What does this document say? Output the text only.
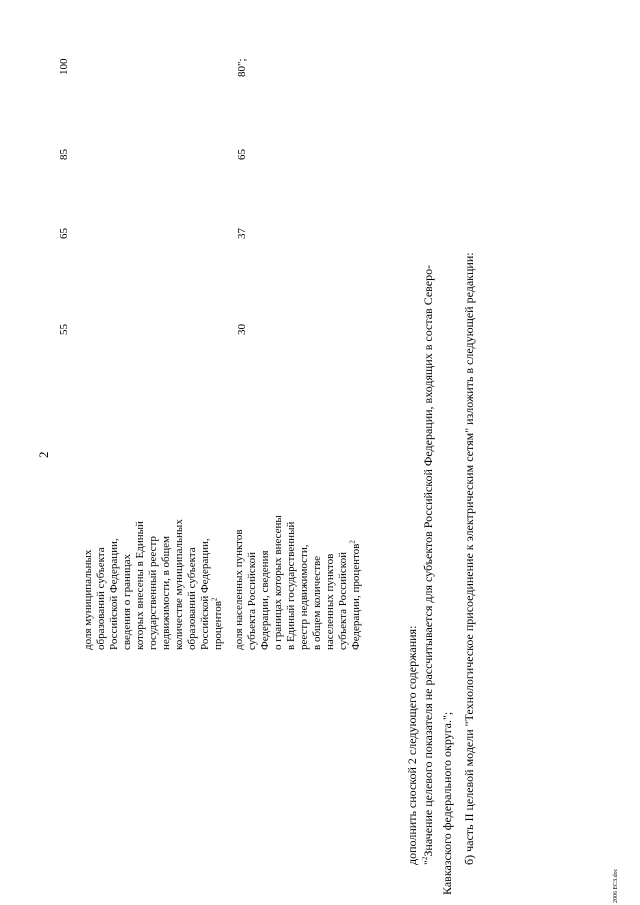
2
доля муниципальных образований субъекта Российской Федерации, сведения о границах которых внесены в Единый государственный реестр недвижимости, в общем количестве муниципальных образований субъекта Российской Федерации, процентов$^2$
55
65
85
100
доля населенных пунктов субъекта Российской Федерации, сведения о границах которых внесены в Единый государственный реестр недвижимости, в общем количестве населенных пунктов субъекта Российской Федерации, процентов$^2$
30
37
65
80";
дополнить сноской 2 следующего содержания: "$^2$Значение целевого показателя не рассчитывается для субъектов Российской Федерации, входящих в состав Северо- Кавказского федерального округа."; б) часть II целевой модели "Технологическое присоединение к электрическим сетям" изложить в следующей редакции:
2006 ЕСЗ.doc
